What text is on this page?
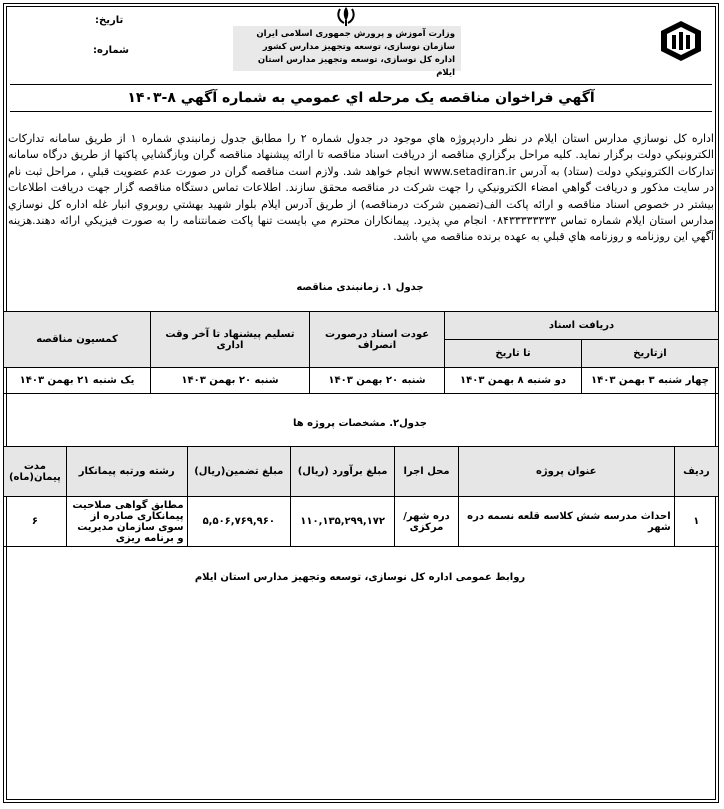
تاریخ:
شماره:
وزارت آموزش و پرورش جمهوری اسلامی ایران
سازمان نوسازی، توسعه وتجهیز مدارس کشور
اداره کل نوسازی، توسعه وتجهیز مدارس استان ایلام
آگهي فراخوان مناقصه يک مرحله اي عمومي به شماره آگهي ۸-۱۴۰۳
اداره کل نوسازي مدارس استان ايلام در نظر داردپروژه هاي موجود در جدول شماره ۲ را مطابق جدول زمانبندي شماره ۱ از طريق سامانه تدارکات الکترونيکي دولت برگزار نمايد. کليه مراحل برگزاري مناقصه از دريافت اسناد مناقصه تا ارائه پيشنهاد مناقصه گران وبازگشايي پاکتها از طريق درگاه سامانه تدارکات الکترونيکي دولت (ستاد) به آدرس www.setadiran.ir انجام خواهد شد. ولازم است مناقصه گران در صورت عدم عضويت قبلي ، مراحل ثبت نام در سايت مذکور و دريافت گواهي امضاء الکترونيکي را جهت شرکت در مناقصه محقق سازند. اطلاعات تماس دستگاه مناقصه گزار جهت دريافت اطلاعات بيشتر در خصوص اسناد مناقصه و ارائه پاکت الف(تضمين شرکت درمناقصه) از طريق آدرس ايلام بلوار شهيد بهشتي روبروي انبار غله اداره کل نوسازي مدارس استان ايلام شماره تماس ۰۸۴۳۳۳۳۳۳۳۳ انجام مي پذيرد. پيمانکاران محترم مي بايست تنها پاکت ضمانتنامه را به صورت فيزيکي ارائه دهند.هزينه آگهي اين روزنامه و روزنامه هاي قبلي به عهده برنده مناقصه مي باشد.
جدول ۱. زمانبندی مناقصه
دریافت اسناد		عودت اسناد درصورت انصراف	تسلیم پیشنهاد تا آخر وقت اداری	کمسیون مناقصه
ازتاریخ	تا تاریخ			
چهار شنبه ۳ بهمن ۱۴۰۳	دو شنبه ۸ بهمن ۱۴۰۳	شنبه ۲۰ بهمن ۱۴۰۳	شنبه ۲۰ بهمن ۱۴۰۳	یک شنبه ۲۱ بهمن ۱۴۰۳
جدول۲. مشخصات پروژه ها
ردیف	عنوان پروژه	محل اجرا	مبلغ برآورد (ریال)	مبلغ تضمین(ریال)	رشته ورتبه پیمانکار	مدت پیمان(ماه)
۱	احداث مدرسه شش کلاسه قلعه نسمه دره شهر	دره شهر/مرکزی	۱۱۰,۱۳۵,۲۹۹,۱۷۲	۵,۵۰۶,۷۶۹,۹۶۰	مطابق گواهی صلاحیت پیمانکاری صادره از سوی سازمان مدیریت و برنامه ریزی	۶
روابط عمومی اداره کل نوسازی، توسعه وتجهیز مدارس استان ایلام
